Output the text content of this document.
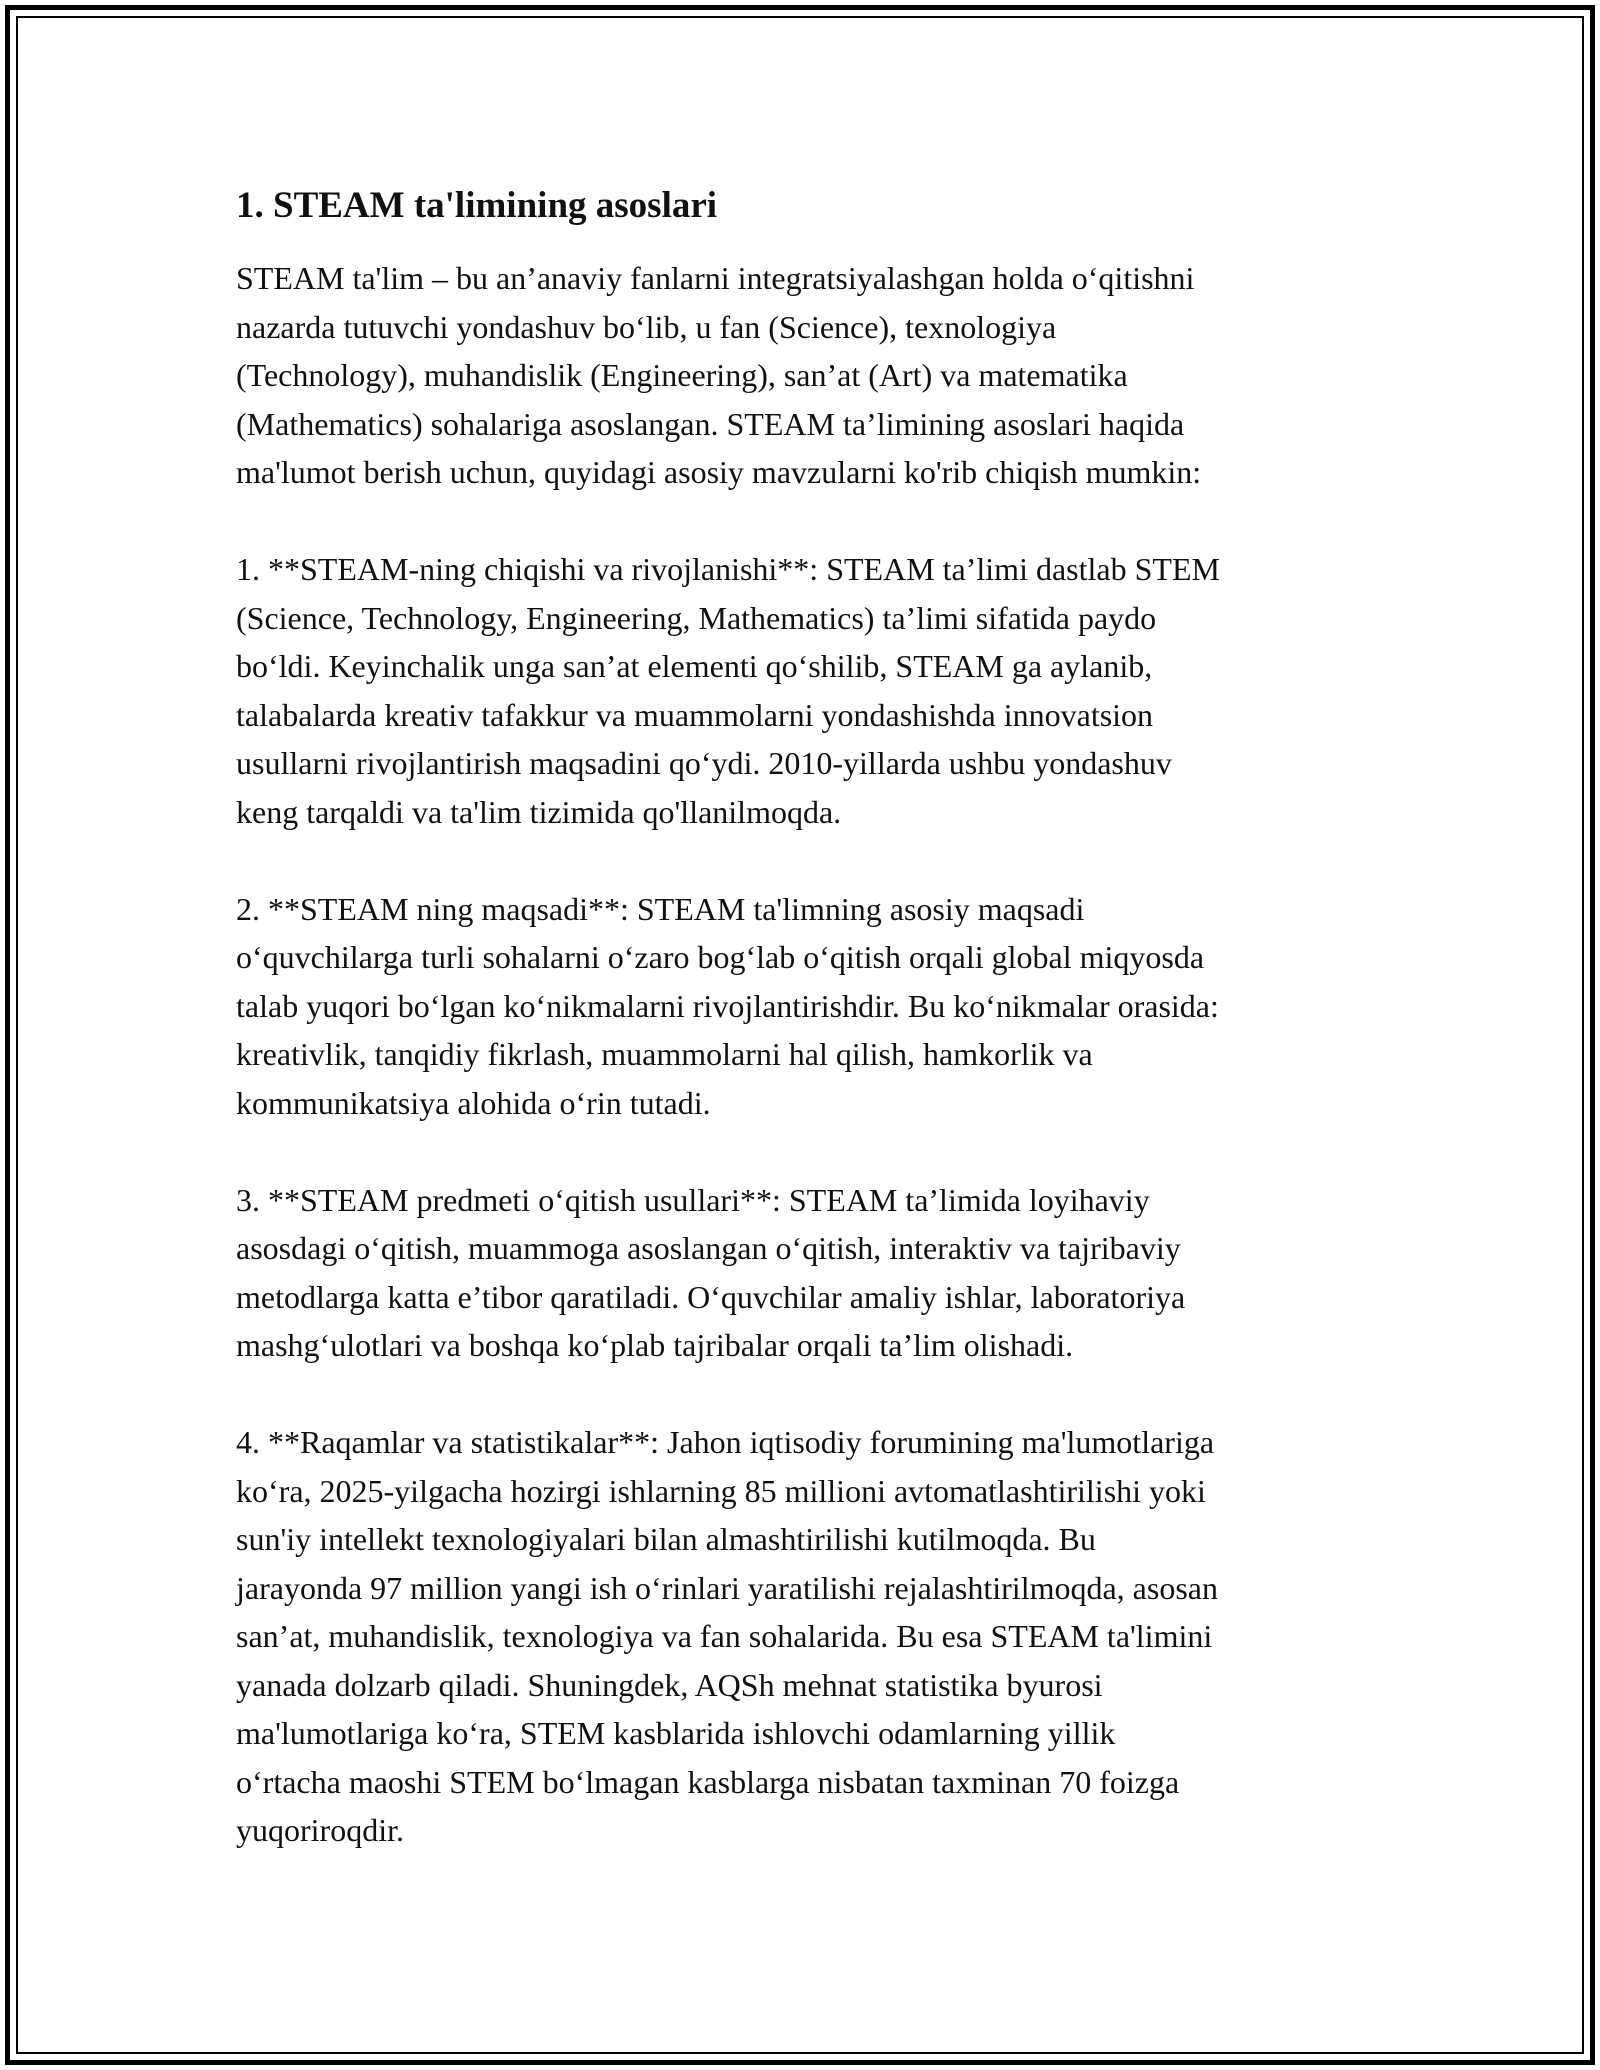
1. STEAM ta'limining asoslari

STEAM ta'lim – bu an’anaviy fanlarni integratsiyalashgan holda oʻqitishni
nazarda tutuvchi yondashuv boʻlib, u fan (Science), texnologiya
(Technology), muhandislik (Engineering), san’at (Art) va matematika
(Mathematics) sohalariga asoslangan. STEAM ta’limining asoslari haqida
ma'lumot berish uchun, quyidagi asosiy mavzularni ko'rib chiqish mumkin:

1. **STEAM-ning chiqishi va rivojlanishi**: STEAM ta’limi dastlab STEM
(Science, Technology, Engineering, Mathematics) ta’limi sifatida paydo
boʻldi. Keyinchalik unga san’at elementi qoʻshilib, STEAM ga aylanib,
talabalarda kreativ tafakkur va muammolarni yondashishda innovatsion
usullarni rivojlantirish maqsadini qoʻydi. 2010-yillarda ushbu yondashuv
keng tarqaldi va ta'lim tizimida qo'llanilmoqda.

2. **STEAM ning maqsadi**: STEAM ta'limning asosiy maqsadi
oʻquvchilarga turli sohalarni oʻzaro bogʻlab oʻqitish orqali global miqyosda
talab yuqori boʻlgan koʻnikmalarni rivojlantirishdir. Bu koʻnikmalar orasida:
kreativlik, tanqidiy fikrlash, muammolarni hal qilish, hamkorlik va
kommunikatsiya alohida oʻrin tutadi.

3. **STEAM predmeti oʻqitish usullari**: STEAM ta’limida loyihaviy
asosdagi oʻqitish, muammoga asoslangan oʻqitish, interaktiv va tajribaviy
metodlarga katta e’tibor qaratiladi. Oʻquvchilar amaliy ishlar, laboratoriya
mashgʻulotlari va boshqa koʻplab tajribalar orqali ta’lim olishadi.

4. **Raqamlar va statistikalar**: Jahon iqtisodiy forumining ma'lumotlariga
koʻra, 2025-yilgacha hozirgi ishlarning 85 millioni avtomatlashtirilishi yoki
sun'iy intellekt texnologiyalari bilan almashtirilishi kutilmoqda. Bu
jarayonda 97 million yangi ish oʻrinlari yaratilishi rejalashtirilmoqda, asosan
san’at, muhandislik, texnologiya va fan sohalarida. Bu esa STEAM ta'limini
yanada dolzarb qiladi. Shuningdek, AQSh mehnat statistika byurosi
ma'lumotlariga koʻra, STEM kasblarida ishlovchi odamlarning yillik
oʻrtacha maoshi STEM boʻlmagan kasblarga nisbatan taxminan 70 foizga
yuqoriroqdir.
